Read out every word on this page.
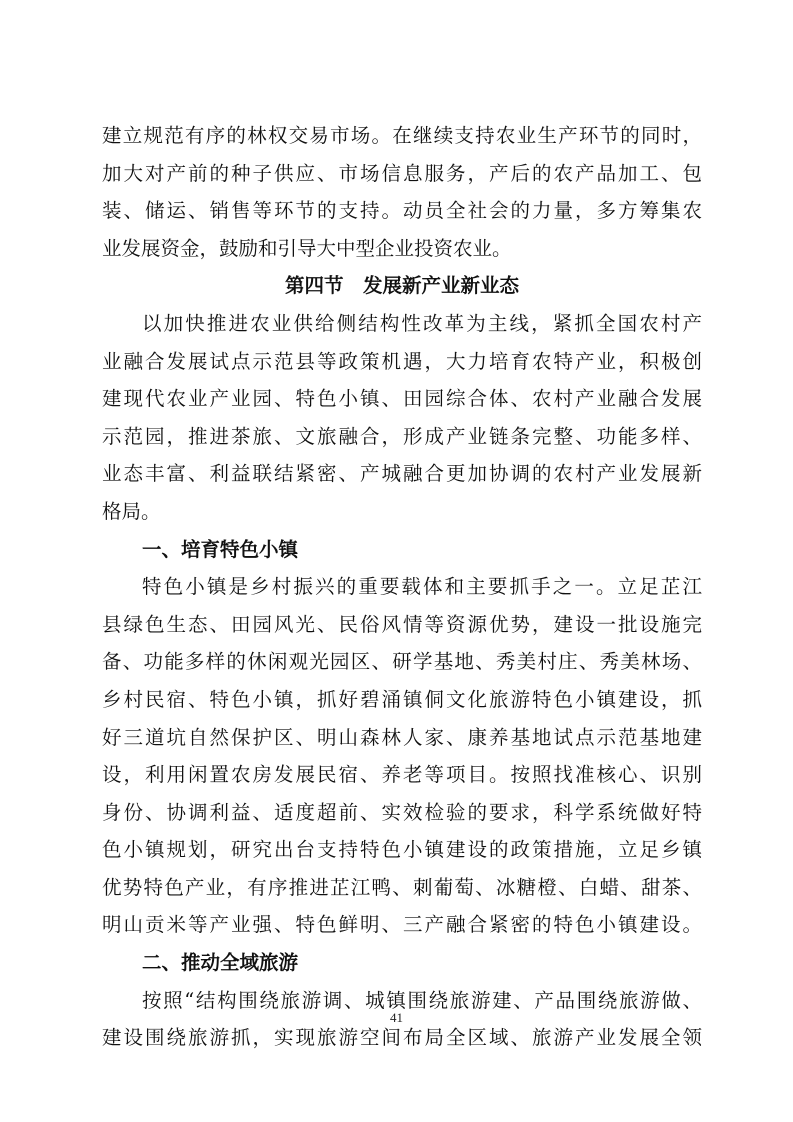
建立规范有序的林权交易市场。在继续支持农业生产环节的同时，
加大对产前的种子供应、市场信息服务，产后的农产品加工、包
装、储运、销售等环节的支持。动员全社会的力量，多方筹集农
业发展资金，鼓励和引导大中型企业投资农业。
第四节　发展新产业新业态
以加快推进农业供给侧结构性改革为主线，紧抓全国农村产
业融合发展试点示范县等政策机遇，大力培育农特产业，积极创
建现代农业产业园、特色小镇、田园综合体、农村产业融合发展
示范园，推进茶旅、文旅融合，形成产业链条完整、功能多样、
业态丰富、利益联结紧密、产城融合更加协调的农村产业发展新
格局。
一、培育特色小镇
特色小镇是乡村振兴的重要载体和主要抓手之一。立足芷江
县绿色生态、田园风光、民俗风情等资源优势，建设一批设施完
备、功能多样的休闲观光园区、研学基地、秀美村庄、秀美林场、
乡村民宿、特色小镇，抓好碧涌镇侗文化旅游特色小镇建设，抓
好三道坑自然保护区、明山森林人家、康养基地试点示范基地建
设，利用闲置农房发展民宿、养老等项目。按照找准核心、识别
身份、协调利益、适度超前、实效检验的要求，科学系统做好特
色小镇规划，研究出台支持特色小镇建设的政策措施，立足乡镇
优势特色产业，有序推进芷江鸭、刺葡萄、冰糖橙、白蜡、甜茶、
明山贡米等产业强、特色鲜明、三产融合紧密的特色小镇建设。
二、推动全域旅游
按照“结构围绕旅游调、城镇围绕旅游建、产品围绕旅游做、
建设围绕旅游抓，实现旅游空间布局全区域、旅游产业发展全领
41
